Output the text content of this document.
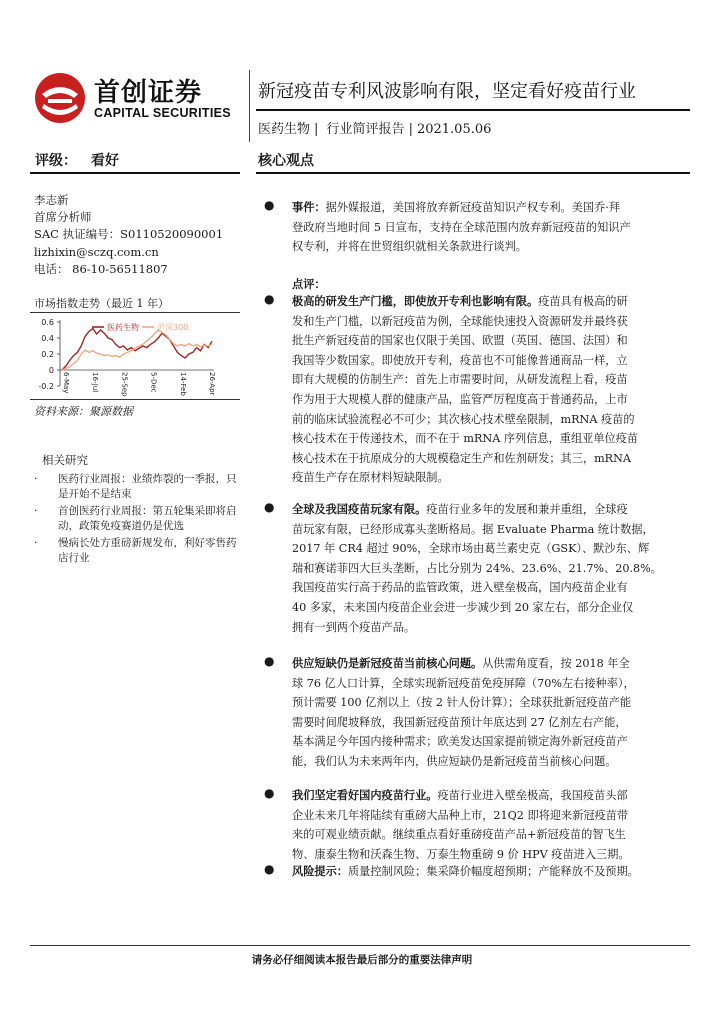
首创证券
CAPITAL SECURITIES
新冠疫苗专利风波影响有限，坚定看好疫苗行业
医药生物 | 行业简评报告 | 2021.05.06
评级： 看好	核心观点
李志新
首席分析师
SAC 执证编号：S0110520090001
lizhixin@sczq.com.cn
电话： 86-10-56511807
市场指数走势（最近 1 年）
0.6
0.4
0.2
0
-0.2 6-May	16-Jul	25-Sep	5-Dec	14-Feb	26-Apr
医药生物 沪深300
资料来源：聚源数据
相关研究
· 医药行业周报：业绩炸裂的一季报，只是开始不是结束
· 首创医药行业周报：第五轮集采即将启动，政策免疫赛道仍是优选
· 慢病长处方重磅新规发布，利好零售药店行业
● 事件：据外媒报道，美国将放弃新冠疫苗知识产权专利。美国乔·拜
登政府当地时间 5 日宣布，支持在全球范围内放弃新冠疫苗的知识产
权专利，并将在世贸组织就相关条款进行谈判。
点评：
● 极高的研发生产门槛，即使放开专利也影响有限。疫苗具有极高的研
发和生产门槛，以新冠疫苗为例，全球能快速投入资源研发并最终获
批生产新冠疫苗的国家也仅限于美国、欧盟（英国、德国、法国）和
我国等少数国家。即使放开专利，疫苗也不可能像普通商品一样，立
即有大规模的仿制生产：首先上市需要时间，从研发流程上看，疫苗
作为用于大规模人群的健康产品，监管严厉程度高于普通药品，上市
前的临床试验流程必不可少；其次核心技术壁垒限制，mRNA 疫苗的
核心技术在于传递技术，而不在于 mRNA 序列信息，重组亚单位疫苗
核心技术在于抗原成分的大规模稳定生产和佐剂研发；其三，mRNA
疫苗生产存在原材料短缺限制。
● 全球及我国疫苗玩家有限。疫苗行业多年的发展和兼并重组，全球疫
苗玩家有限，已经形成寡头垄断格局。据 Evaluate Pharma 统计数据，
2017 年 CR4 超过 90%，全球市场由葛兰素史克（GSK）、默沙东、辉
瑞和赛诺菲四大巨头垄断，占比分别为 24%、23.6%、21.7%、20.8%。
我国疫苗实行高于药品的监管政策，进入壁垒极高，国内疫苗企业有
40 多家，未来国内疫苗企业会进一步减少到 20 家左右，部分企业仅
拥有一到两个疫苗产品。
● 供应短缺仍是新冠疫苗当前核心问题。从供需角度看，按 2018 年全
球 76 亿人口计算，全球实现新冠疫苗免疫屏障（70%左右接种率），
预计需要 100 亿剂以上（按 2 针人份计算）；全球获批新冠疫苗产能
需要时间爬坡释放，我国新冠疫苗预计年底达到 27 亿剂左右产能，
基本满足今年国内接种需求；欧美发达国家提前锁定海外新冠疫苗产
能，我们认为未来两年内，供应短缺仍是新冠疫苗当前核心问题。
● 我们坚定看好国内疫苗行业。疫苗行业进入壁垒极高，我国疫苗头部
企业未来几年将陆续有重磅大品种上市，21Q2 即将迎来新冠疫苗带
来的可观业绩贡献。继续重点看好重磅疫苗产品+新冠疫苗的智飞生
物、康泰生物和沃森生物、万泰生物重磅 9 价 HPV 疫苗进入三期。
● 风险提示：质量控制风险；集采降价幅度超预期；产能释放不及预期。
请务必仔细阅读本报告最后部分的重要法律声明
